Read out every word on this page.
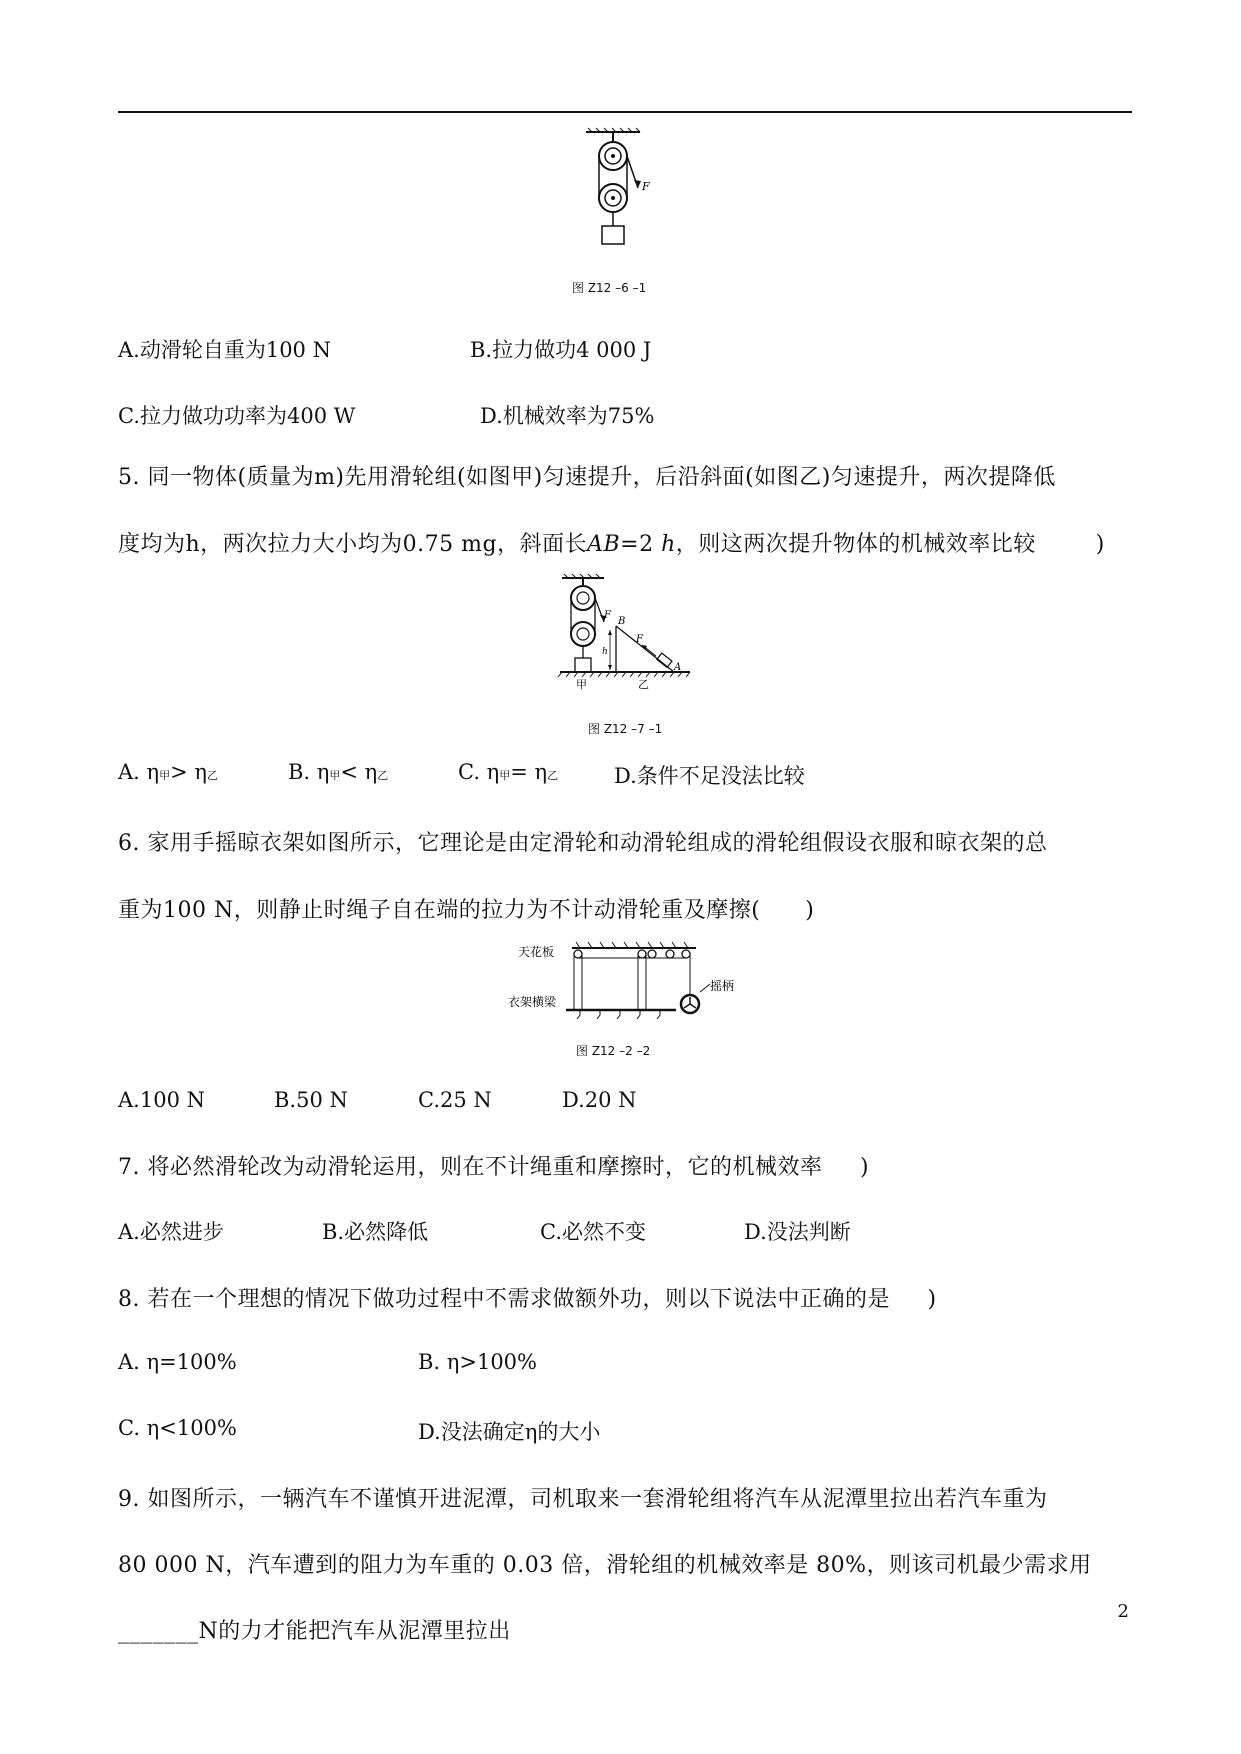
F
图 Z12 –6 –1
A.动滑轮自重为100 N	B.拉力做功4 000 J
C.拉力做功功率为400 W	D.机械效率为75%
5. 同一物体(质量为m)先用滑轮组(如图甲)匀速提升，后沿斜面(如图乙)匀速提升，两次提降低
度均为h，两次拉力大小均为0.75 mg，斜面长AB=2 h，则这两次提升物体的机械效率比较        )
F
F
B
A
h
甲	乙
图 Z12 –7 –1
A. η甲> η乙	B. η甲< η乙	C. η甲= η乙	D.条件不足没法比较
6. 家用手摇晾衣架如图所示，它理论是由定滑轮和动滑轮组成的滑轮组假设衣服和晾衣架的总
重为100 N，则静止时绳子自在端的拉力为不计动滑轮重及摩擦(      )
天花板
衣架横梁
摇柄
图 Z12 –2 –2
A.100 N	B.50 N	C.25 N	D.20 N
7. 将必然滑轮改为动滑轮运用，则在不计绳重和摩擦时，它的机械效率     )
A.必然进步	B.必然降低	C.必然不变	D.没法判断
8. 若在一个理想的情况下做功过程中不需求做额外功，则以下说法中正确的是     )
A. η=100%	B. η>100%
C. η<100%	D.没法确定η的大小
9. 如图所示，一辆汽车不谨慎开进泥潭，司机取来一套滑轮组将汽车从泥潭里拉出若汽车重为
80 000 N，汽车遭到的阻力为车重的 0.03 倍，滑轮组的机械效率是 80%，则该司机最少需求用
_______N的力才能把汽车从泥潭里拉出
2
